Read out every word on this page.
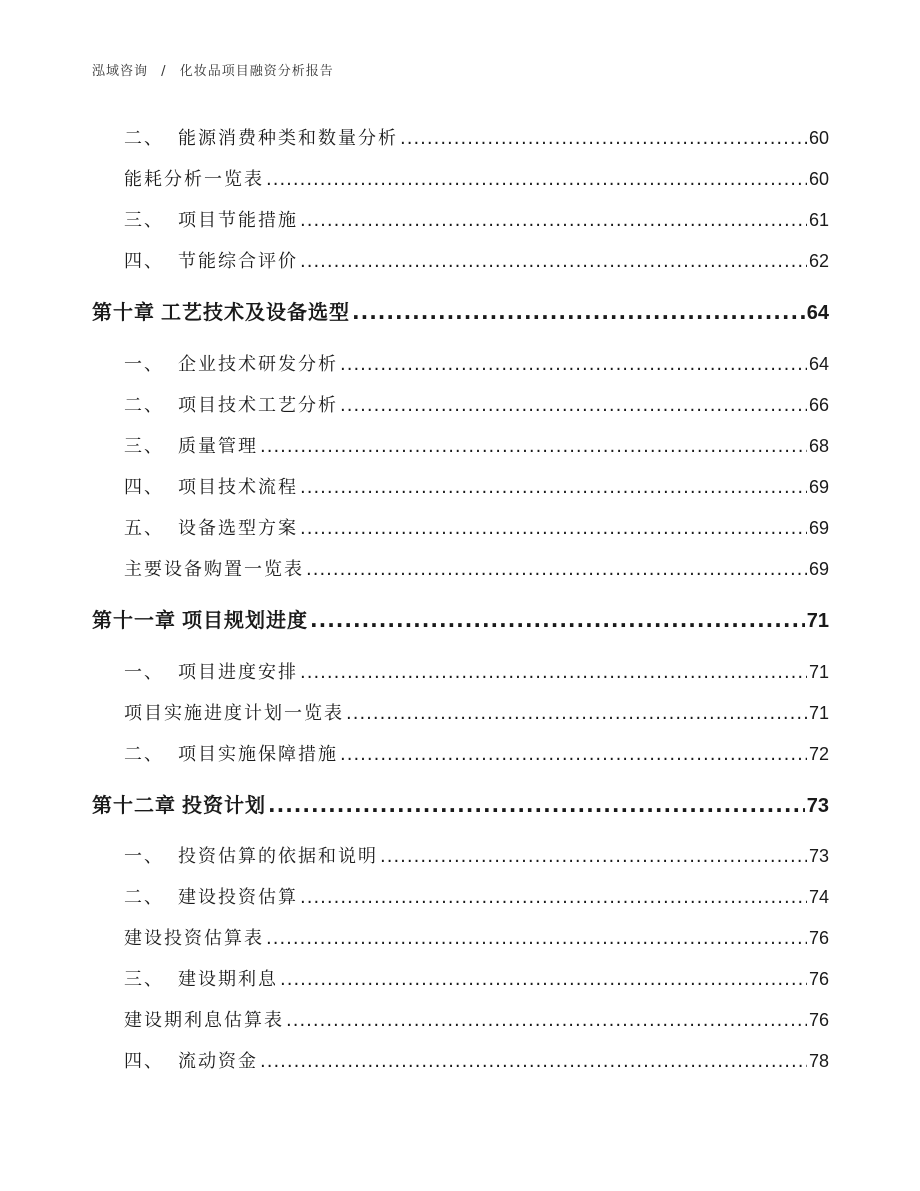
泓域咨询 / 化妆品项目融资分析报告
二、 能源消费种类和数量分析 .....	60
能耗分析一览表 .....	60
三、 项目节能措施 .....	61
四、 节能综合评价 .....	62
第十章 工艺技术及设备选型 .....	64
一、 企业技术研发分析 .....	64
二、 项目技术工艺分析 .....	66
三、 质量管理 .....	68
四、 项目技术流程 .....	69
五、 设备选型方案 .....	69
主要设备购置一览表 .....	69
第十一章 项目规划进度 .....	71
一、 项目进度安排 .....	71
项目实施进度计划一览表 .....	71
二、 项目实施保障措施 .....	72
第十二章 投资计划 .....	73
一、 投资估算的依据和说明 .....	73
二、 建设投资估算 .....	74
建设投资估算表 .....	76
三、 建设期利息 .....	76
建设期利息估算表 .....	76
四、 流动资金 .....	78
